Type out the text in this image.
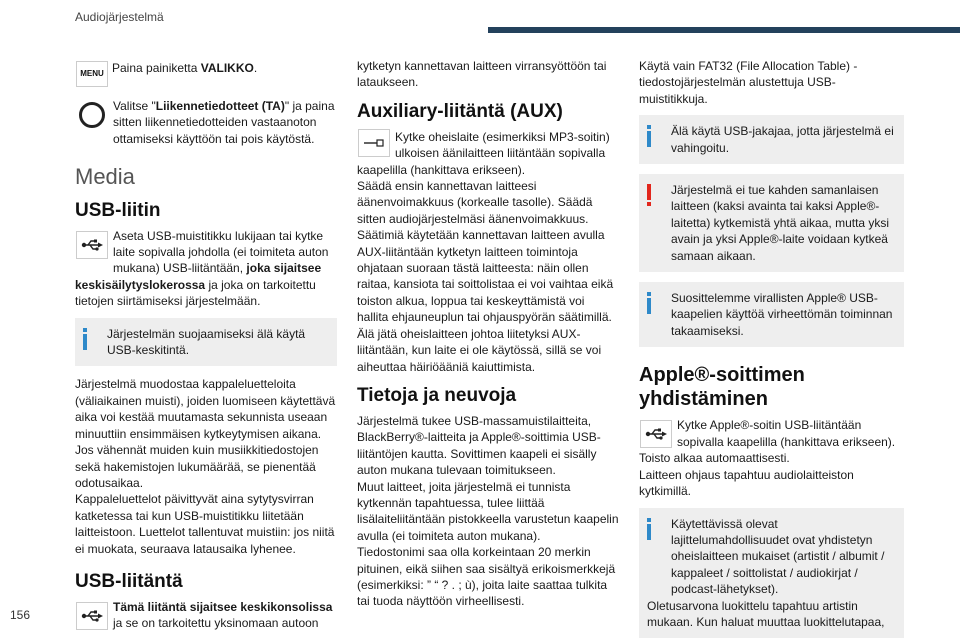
Audiojärjestelmä
156
MENU Paina painiketta VALIKKO.

Valitse "Liikennetiedotteet (TA)" ja paina sitten liikennetiedotteiden vastaanoton ottamiseksi käyttöön tai pois käytöstä.

Media
USB-liitin

Aseta USB-muistitikku lukijaan tai kytke laite sopivalla johdolla (ei toimiteta auton mukana) USB-liitäntään, joka sijaitsee keskisäilytyslokerossa ja joka on tarkoitettu tietojen siirtämiseksi järjestelmään.

Järjestelmän suojaamiseksi älä käytä USB-keskitintä.

Järjestelmä muodostaa kappaleluetteloita (väliaikainen muisti), joiden luomiseen käytettävä aika voi kestää muutamasta sekunnista useaan minuuttiin ensimmäisen kytkeytymisen aikana.

Jos vähennät muiden kuin musiikkitiedostojen sekä hakemistojen lukumäärää, se pienentää odotusaikaa.

Kappaleluettelot päivittyvät aina sytytysvirran katketessa tai kun USB-muistitikku liitetään laitteistoon. Luettelot tallentuvat muistiin: jos niitä ei muokata, seuraava latausaika lyhenee.

USB-liitäntä

Tämä liitäntä sijaitsee keskikonsolissa ja se on tarkoitettu yksinomaan autoon

kytketyn kannettavan laitteen virransyöttöön tai lataukseen.

Auxiliary-liitäntä (AUX)

Kytke oheislaite (esimerkiksi MP3-soitin) ulkoisen äänilaitteen liitäntään sopivalla kaapelilla (hankittava erikseen).

Säädä ensin kannettavan laitteesi äänenvoimakkuus (korkealle tasolle). Säädä sitten audiojärjestelmäsi äänenvoimakkuus.

Säätimiä käytetään kannettavan laitteen avulla AUX-liitäntään kytketyn laitteen toimintoja ohjataan suoraan tästä laitteesta: näin ollen raitaa, kansiota tai soittolistaa ei voi vaihtaa eikä toiston alkua, loppua tai keskeyttämistä voi hallita ehjauneuplun tai ohjauspyörän säätimillä.

Älä jätä oheislaitteen johtoa liitetyksi AUX-liitäntään, kun laite ei ole käytössä, sillä se voi aiheuttaa häiriöääniä kaiuttimista.

Tietoja ja neuvoja

Järjestelmä tukee USB-massamuistilaitteita, BlackBerry®-laitteita ja Apple®-soittimia USB-liitäntöjen kautta. Sovittimen kaapeli ei sisälly auton mukana tulevaan toimitukseen.

Muut laitteet, joita järjestelmä ei tunnista kytkennän tapahtuessa, tulee liittää lisälaiteliitäntään pistokkeella varustetun kaapelin avulla (ei toimiteta auton mukana).

Tiedostonimi saa olla korkeintaan 20 merkin pituinen, eikä siihen saa sisältyä erikoismerkkejä (esimerkiksi: ” “ ? . ; ù), joita laite saattaa tulkita tai tuoda näyttöön virheellisesti.

Käytä vain FAT32 (File Allocation Table) -tiedostojärjestelmän alustettuja USB-muistitikkuja.

Älä käytä USB-jakajaa, jotta järjestelmä ei vahingoitu.

Järjestelmä ei tue kahden samanlaisen laitteen (kaksi avainta tai kaksi Apple®-laitetta) kytkemistä yhtä aikaa, mutta yksi avain ja yksi Apple®-laite voidaan kytkeä samaan aikaan.

Suosittelemme virallisten Apple® USB-kaapelien käyttöä virheettömän toiminnan takaamiseksi.

Apple®-soittimen yhdistäminen

Kytke Apple®-soitin USB-liitäntään sopivalla kaapelilla (hankittava erikseen).

Toisto alkaa automaattisesti.

Laitteen ohjaus tapahtuu audiolaitteiston kytkimillä.

Käytettävissä olevat lajittelumahdollisuudet ovat yhdistetyn oheislaitteen mukaiset (artistit / albumit / kappaleet / soittolistat / audiokirjat / podcast-lähetykset).

Oletusarvona luokittelu tapahtuu artistin mukaan. Kun haluat muuttaa luokittelutapaa,
